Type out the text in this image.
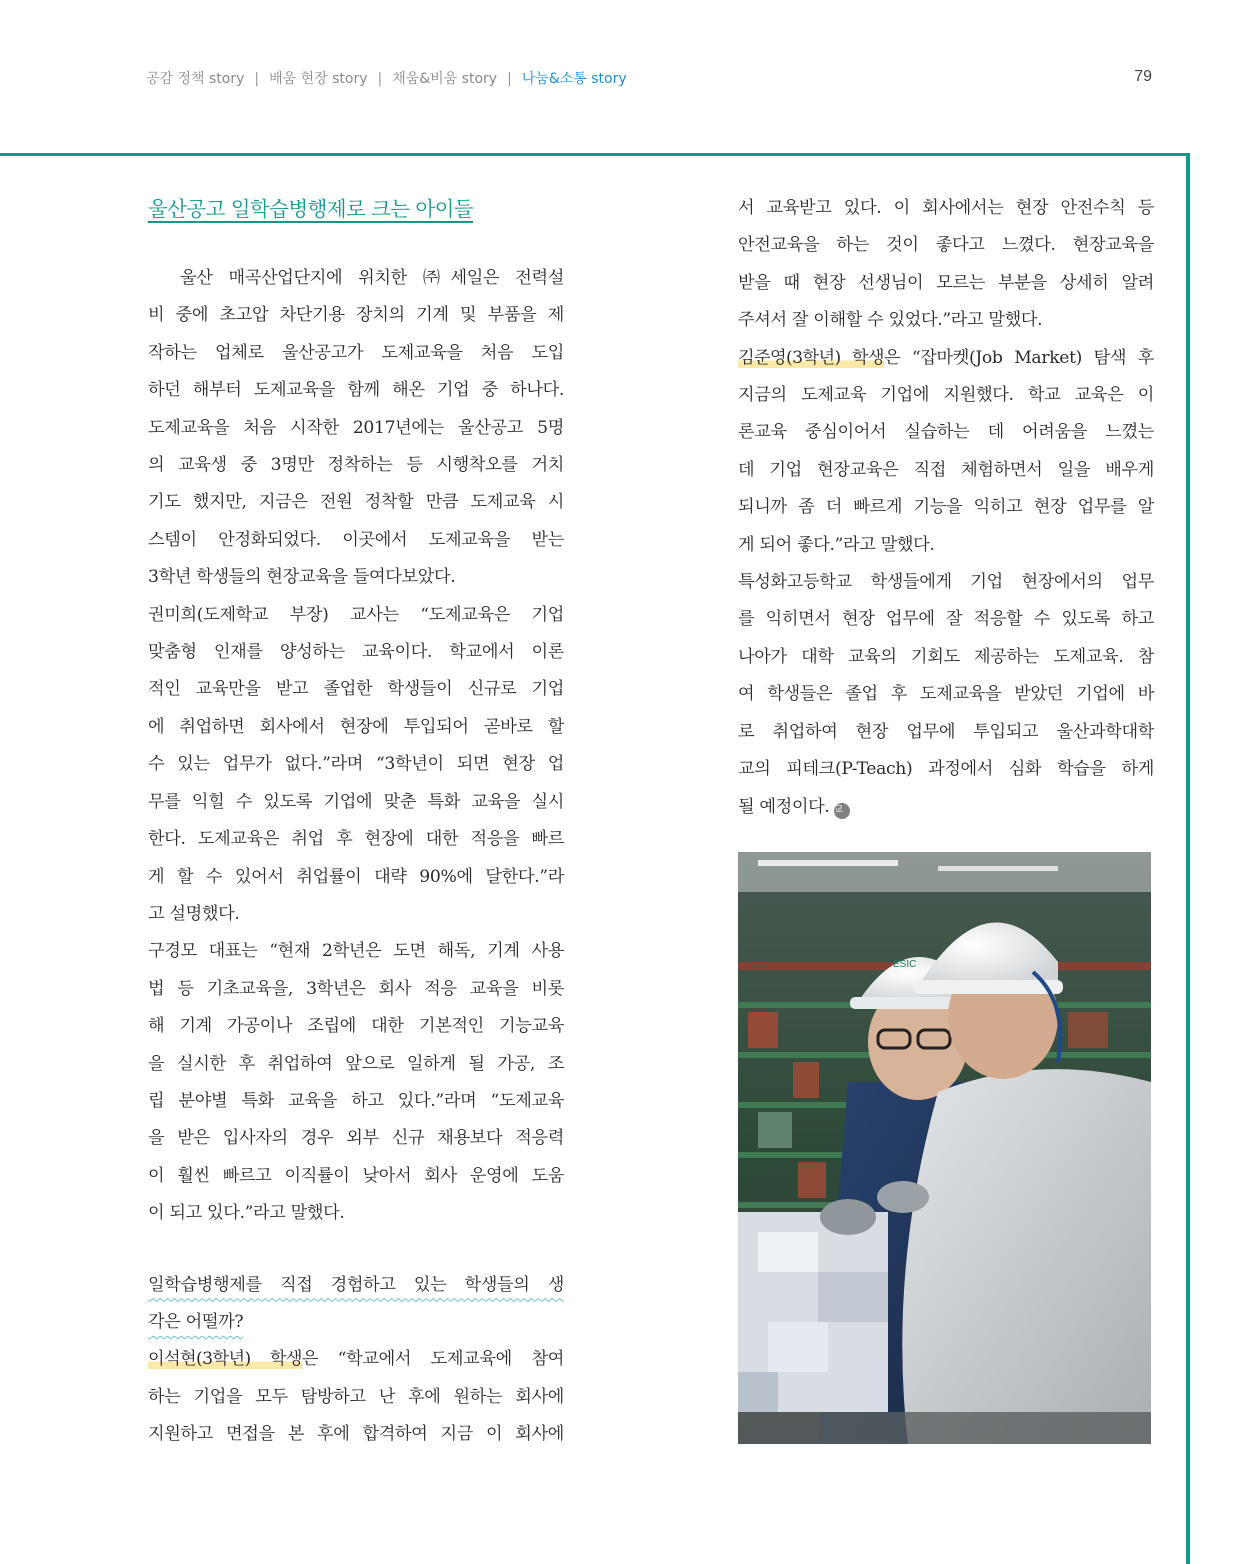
공감 정책 story | 배움 현장 story | 채움&비움 story | 나눔&소통 story	79
울산공고 일학습병행제로 크는 아이들

울산 매곡산업단지에 위치한 ㈜세일은 전력설

비 중에 초고압 차단기용 장치의 기계 및 부품을 제

작하는 업체로 울산공고가 도제교육을 처음 도입

하던 해부터 도제교육을 함께 해온 기업 중 하나다.

도제교육을 처음 시작한 2017년에는 울산공고 5명

의 교육생 중 3명만 정착하는 등 시행착오를 거치

기도 했지만, 지금은 전원 정착할 만큼 도제교육 시

스템이 안정화되었다. 이곳에서 도제교육을 받는

3학년 학생들의 현장교육을 들여다보았다.

권미희(도제학교 부장) 교사는 “도제교육은 기업

맞춤형 인재를 양성하는 교육이다. 학교에서 이론

적인 교육만을 받고 졸업한 학생들이 신규로 기업

에 취업하면 회사에서 현장에 투입되어 곧바로 할

수 있는 업무가 없다.”라며 “3학년이 되면 현장 업

무를 익힐 수 있도록 기업에 맞춘 특화 교육을 실시

한다. 도제교육은 취업 후 현장에 대한 적응을 빠르

게 할 수 있어서 취업률이 대략 90%에 달한다.”라

고 설명했다.

구경모 대표는 “현재 2학년은 도면 해독, 기계 사용

법 등 기초교육을, 3학년은 회사 적응 교육을 비롯

해 기계 가공이나 조립에 대한 기본적인 기능교육

을 실시한 후 취업하여 앞으로 일하게 될 가공, 조

립 분야별 특화 교육을 하고 있다.”라며 “도제교육

을 받은 입사자의 경우 외부 신규 채용보다 적응력

이 훨씬 빠르고 이직률이 낮아서 회사 운영에 도움

이 되고 있다.”라고 말했다.

일학습병행제를 직접 경험하고 있는 학생들의 생

각은 어떨까?

이석현(3학년) 학생은 “학교에서 도제교육에 참여

하는 기업을 모두 탐방하고 난 후에 원하는 회사에

지원하고 면접을 본 후에 합격하여 지금 이 회사에

서 교육받고 있다. 이 회사에서는 현장 안전수칙 등

안전교육을 하는 것이 좋다고 느꼈다. 현장교육을

받을 때 현장 선생님이 모르는 부분을 상세히 알려

주셔서 잘 이해할 수 있었다.”라고 말했다.

김준영(3학년) 학생은 “잡마켓(Job Market) 탐색 후

지금의 도제교육 기업에 지원했다. 학교 교육은 이

론교육 중심이어서 실습하는 데 어려움을 느꼈는

데 기업 현장교육은 직접 체험하면서 일을 배우게

되니까 좀 더 빠르게 기능을 익히고 현장 업무를 알

게 되어 좋다.”라고 말했다.

특성화고등학교 학생들에게 기업 현장에서의 업무

를 익히면서 현장 업무에 잘 적응할 수 있도록 하고

나아가 대학 교육의 기회도 제공하는 도제교육. 참

여 학생들은 졸업 후 도제교육을 받았던 기업에 바

로 취업하여 현장 업무에 투입되고 울산과학대학

교의 피테크(P-Teach) 과정에서 심화 학습을 하게

될 예정이다. 교

ESIC
